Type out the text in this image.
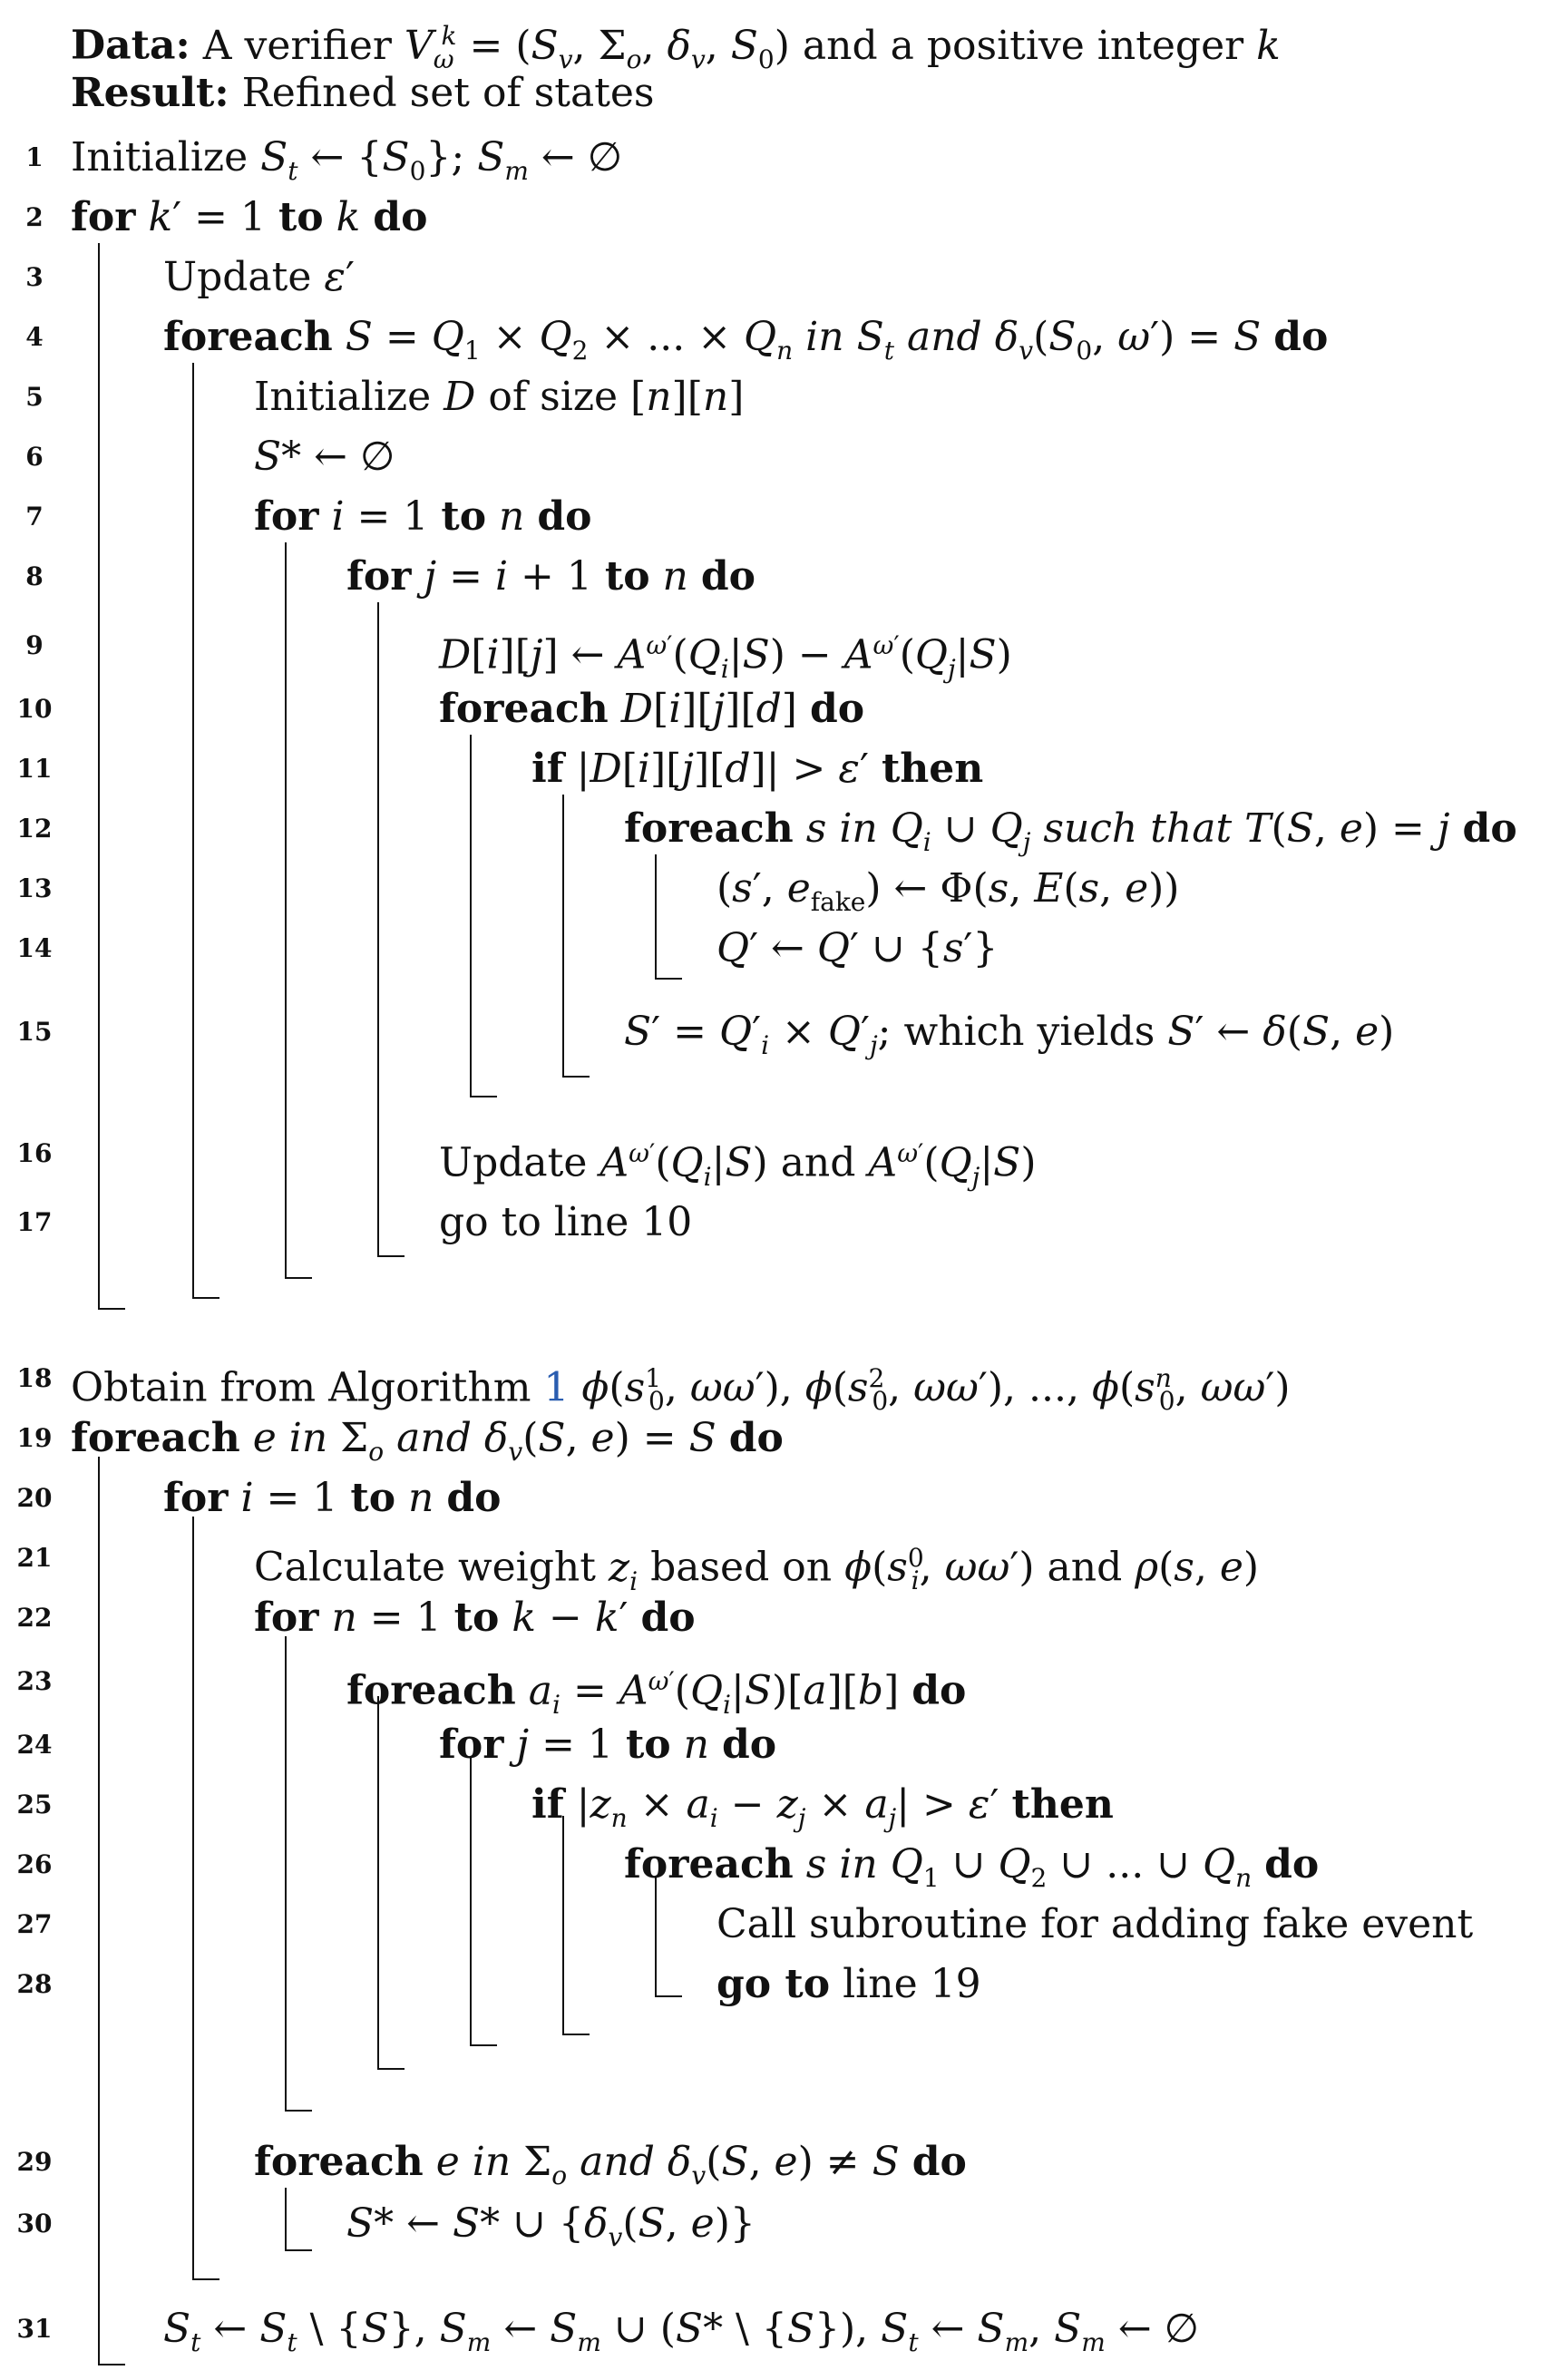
Data: A verifier $V_\omega^k = (S_v$, $\Sigma_o$, $\delta_v$, $S_0$) and a positive integer k
Result: Refined set of states
1 Initialize $S_t$ ← $\{S_0\}$; $S_m$ ← ∅
2 for k′ = 1 to k do
3	Update ε′
4	foreach $S = Q_1 \times Q_2$ × ... × $Q_n$ in $S_t$ and $\delta_v(S_0$, ω′) = S do
5	Initialize D of size [n][n]
6	S* ← ∅
7	for i = 1 to n do
8	for j = i + 1 to n do
9	D[i][j] ← $A^{\omega'}(Q_i|S) - A^{\omega'}(Q_j|S)$
10	foreach D[i][j][d] do
11	if |D[i][j][d]| > ε′ then
12	foreach s in $Q_i$ ∪ $Q_j$ such that T(S, e) = j do
13	(s′, $e_{fake}$) ← Φ(s, E(s, e))
14	Q′ ← Q′ ∪ {s′}
15	$S' = Q'_i \times Q'_j$; which yields S′ ← δ(S, e)
16	Update $A^{\omega'}(Q_i|S)$ and $A^{\omega'}(Q_j|S)$
17	go to line 10
18 Obtain from Algorithm 1 $\phi(s^1_0$, ωω′), $\phi(s^2_0$, ωω′), ..., $\phi(s^n_0$, ωω′)
19 foreach e in $\Sigma_o$ and $\delta_v(S$, e) = S do
20	for i = 1 to n do
21	Calculate weight $z_i$ based on $\phi(s^0_i$, ωω′) and ρ(s, e)
22	for n = 1 to k − k′ do
23	foreach $a_i = A^{\omega'}(Q_i|S)[a][b]$ do
24	for j = 1 to n do
25	if $|z_n \times a_i - z_j \times a_j| > \varepsilon'$ then
26	foreach s in $Q_1$ ∪ $Q_2$ ∪ ... ∪ $Q_n$ do
27	Call subroutine for adding fake event
28	go to line 19
29	foreach e in $\Sigma_o$ and $\delta_v(S$, e) ≠ S do
30	S* ← S* ∪ {$\delta_v(S$, e)}
31	$S_t$ ← $S_t$ \ {S}, $S_m$ ← $S_m$ ∪ (S* \ {S}), $S_t$ ← $S_m$, $S_m$ ← ∅
